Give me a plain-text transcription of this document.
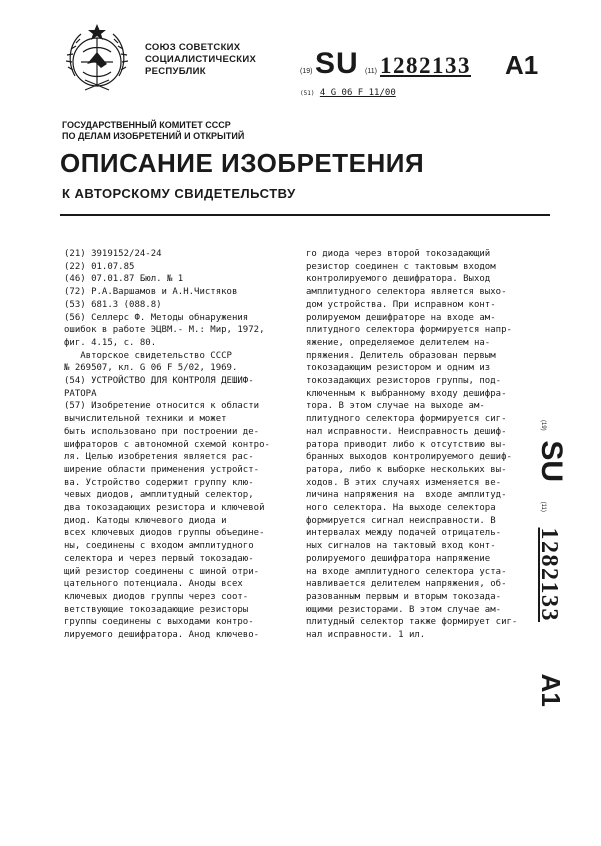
СОЮЗ СОВЕТСКИХ
СОЦИАЛИСТИЧЕСКИХ
РЕСПУБЛИК	(19) SU (11) 1282133 A1
(51) 4 G 06 F 11/00
ГОСУДАРСТВЕННЫЙ КОМИТЕТ СССР
ПО ДЕЛАМ ИЗОБРЕТЕНИЙ И ОТКРЫТИЙ
ОПИСАНИЕ ИЗОБРЕТЕНИЯ
К АВТОРСКОМУ СВИДЕТЕЛЬСТВУ
(21) 3919152/24-24
(22) 01.07.85
(46) 07.01.87 Бюл. № 1
(72) Р.А.Варшамов и А.Н.Чистяков
(53) 681.3 (088.8)
(56) Селлерс Ф. Методы обнаружения
ошибок в работе ЭЦВМ.- М.: Мир, 1972,
фиг. 4.15, с. 80.
Авторское свидетельство СССР
№ 269507, кл. G 06 F 5/02, 1969.
(54) УСТРОЙСТВО ДЛЯ КОНТРОЛЯ ДЕШИФ-
РАТОРА
(57) Изобретение относится к области
вычислительной техники и может
быть использовано при построении де-
шифраторов с автономной схемой контро-
ля. Целью изобретения является рас-
ширение области применения устройст-
ва. Устройство содержит группу клю-
чевых диодов, амплитудный селектор,
два токозадающих резистора и ключевой
диод. Катоды ключевого диода и
всех ключевых диодов группы объедине-
ны, соединены с входом амплитудного
селектора и через первый токозадаю-
щий резистор соединены с шиной отри-
цательного потенциала. Аноды всех
ключевых диодов группы через соот-
ветствующие токозадающие резисторы
группы соединены с выходами контро-
лируемого дешифратора. Анод ключево-
го диода через второй токозадающий
резистор соединен с тактовым входом
контролируемого дешифратора. Выход
амплитудного селектора является выхо-
дом устройства. При исправном конт-
ролируемом дешифраторе на входе ам-
плитудного селектора формируется напр-
яжение, определяемое делителем на-
пряжения. Делитель образован первым
токозадающим резистором и одним из
токозадающих резисторов группы, под-
ключенным к выбранному входу дешифра-
тора. В этом случае на выходе ам-
плитудного селектора формируется сиг-
нал исправности. Неисправность дешиф-
ратора приводит либо к отсутствию вы-
бранных выходов контролируемого дешиф-
ратора, либо к выборке нескольких вы-
ходов. В этих случаях изменяется ве-
личина напряжения на  входе амплитуд-
ного селектора. На выходе селектора
формируется сигнал неисправности. В
интервалах между подачей отрицатель-
ных сигналов на тактовый вход конт-
ролируемого дешифратора напряжение
на входе амплитудного селектора уста-
навливается делителем напряжения, об-
разованным первым и вторым токозада-
ющими резисторами. В этом случае ам-
плитудный селектор также формирует сиг-
нал исправности. 1 ил.
(19) SU (11) 1282133 A1
